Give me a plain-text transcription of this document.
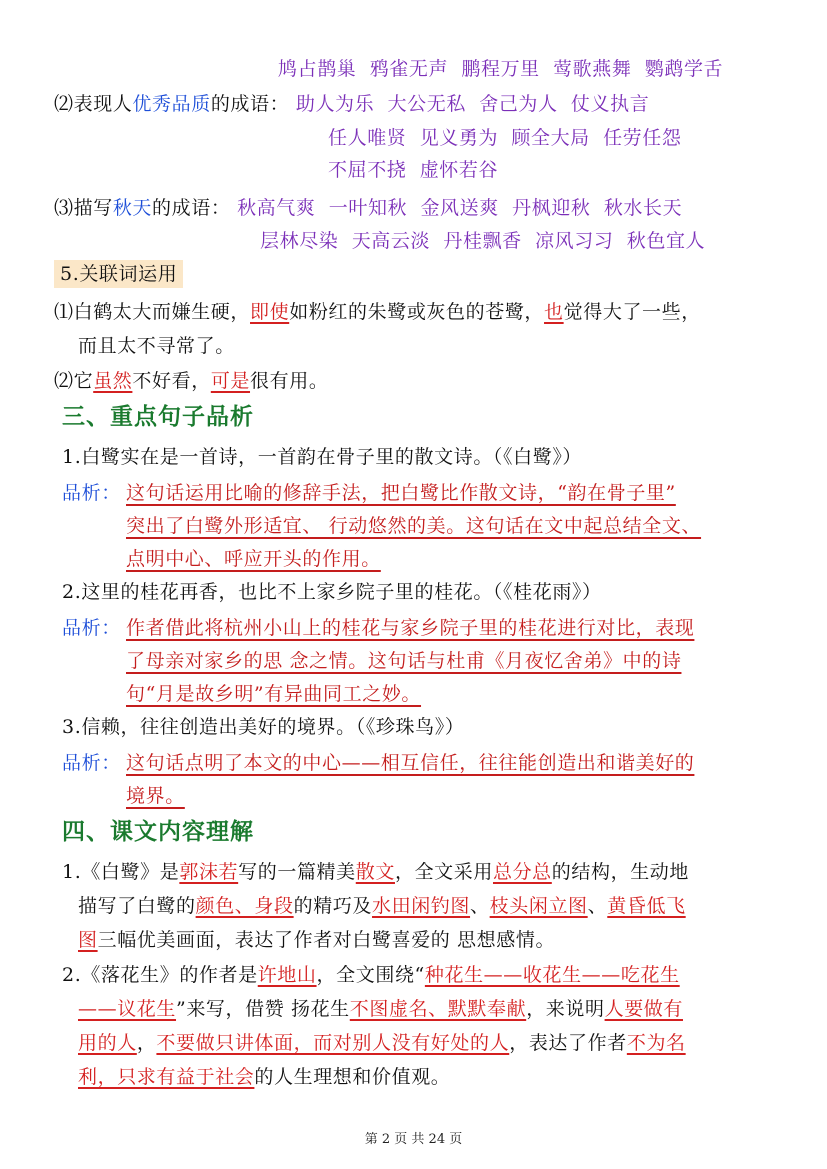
鸠占鹊巢 鸦雀无声 鹏程万里 莺歌燕舞 鹦鹉学舌
⑵表现人优秀品质的成语： 助人为乐 大公无私 舍己为人 仗义执言
任人唯贤 见义勇为 顾全大局 任劳任怨
不屈不挠 虚怀若谷
⑶描写秋天的成语： 秋高气爽 一叶知秋 金风送爽 丹枫迎秋 秋水长天
层林尽染 天高云淡 丹桂飘香 凉风习习 秋色宜人
5.关联词运用
⑴白鹤太大而嫌生硬，即使如粉红的朱鹭或灰色的苍鹭，也觉得大了一些，
而且太不寻常了。
⑵它虽然不好看，可是很有用。
三、重点句子品析
1.白鹭实在是一首诗，一首韵在骨子里的散文诗。（《白鹭》）
品析： 这句话运用比喻的修辞手法，把白鹭比作散文诗，“韵在骨子里”
突出了白鹭外形适宜、 行动悠然的美。这句话在文中起总结全文、
点明中心、呼应开头的作用。
2.这里的桂花再香，也比不上家乡院子里的桂花。（《桂花雨》）
品析： 作者借此将杭州小山上的桂花与家乡院子里的桂花进行对比，表现
了母亲对家乡的思 念之情。这句话与杜甫《月夜忆舍弟》中的诗
句“月是故乡明”有异曲同工之妙。
3.信赖，往往创造出美好的境界。（《珍珠鸟》）
品析： 这句话点明了本文的中心——相互信任，往往能创造出和谐美好的
境界。
四、课文内容理解
1.《白鹭》是郭沫若写的一篇精美散文，全文采用总分总的结构，生动地
描写了白鹭的颜色、身段的精巧及水田闲钓图、枝头闲立图、黄昏低飞
图三幅优美画面，表达了作者对白鹭喜爱的 思想感情。
2.《落花生》的作者是许地山，全文围绕“种花生——收花生——吃花生
——议花生”来写，借赞 扬花生不图虚名、默默奉献，来说明人要做有
用的人，不要做只讲体面，而对别人没有好处的人，表达了作者不为名
利，只求有益于社会的人生理想和价值观。
第 2 页 共 24 页
